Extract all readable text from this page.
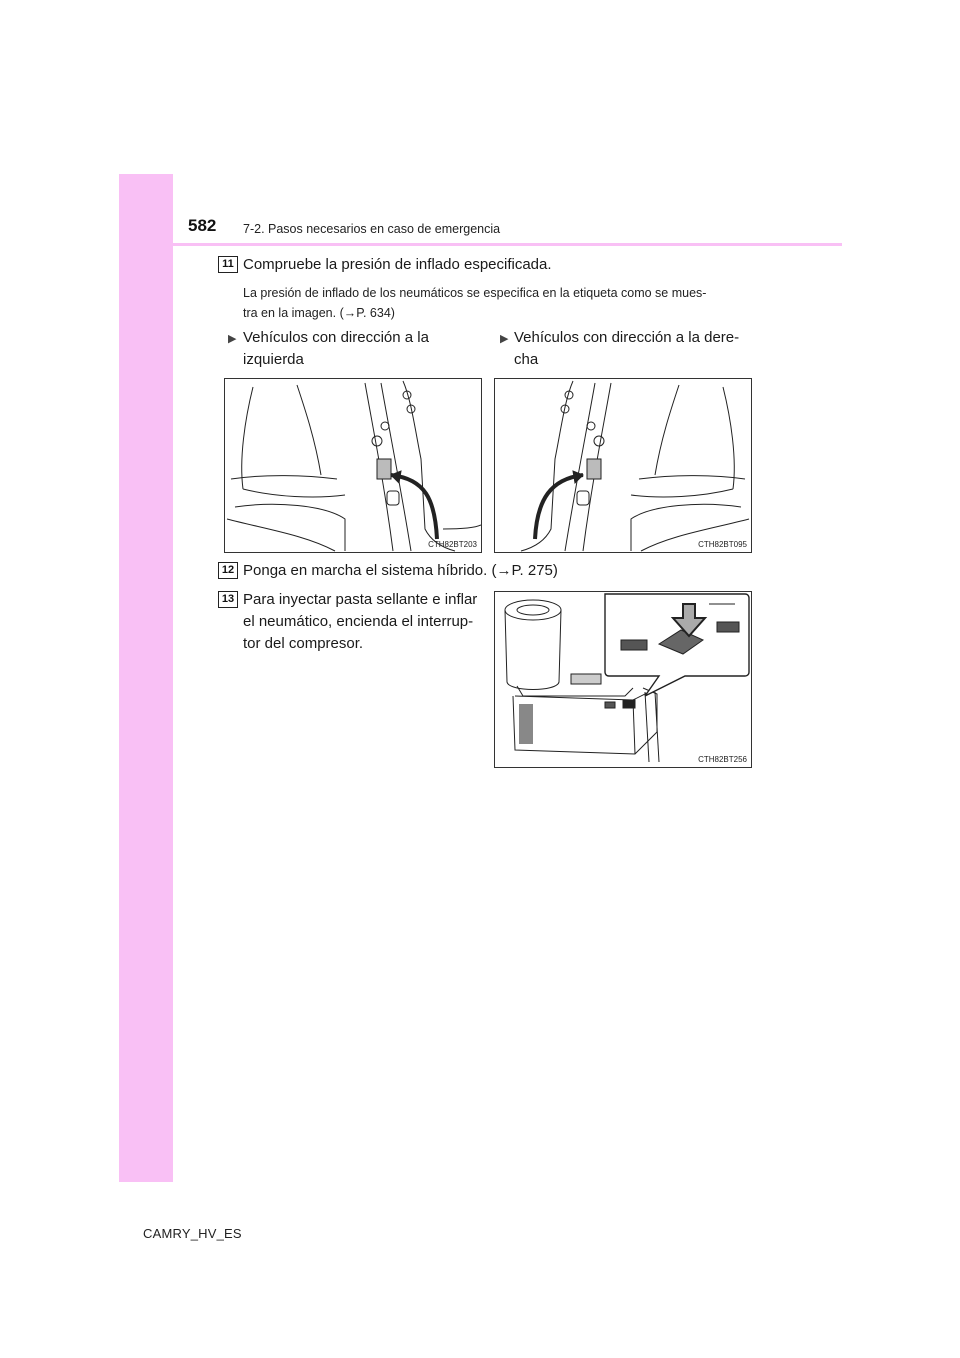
582 7-2. Pasos necesarios en caso de emergencia
11 Compruebe la presión de inflado especificada.
La presión de inflado de los neumáticos se especifica en la etiqueta como se mues-
tra en la imagen. (→P. 634)
▶ Vehículos con dirección a la
izquierda
▶ Vehículos con dirección a la dere-
cha
CTH82BT203	CTH82BT095
12 Ponga en marcha el sistema híbrido. (→P. 275)
13 Para inyectar pasta sellante e inflar
el neumático, encienda el interrup-
tor del compresor.
CTH82BT256
CAMRY_HV_ES
